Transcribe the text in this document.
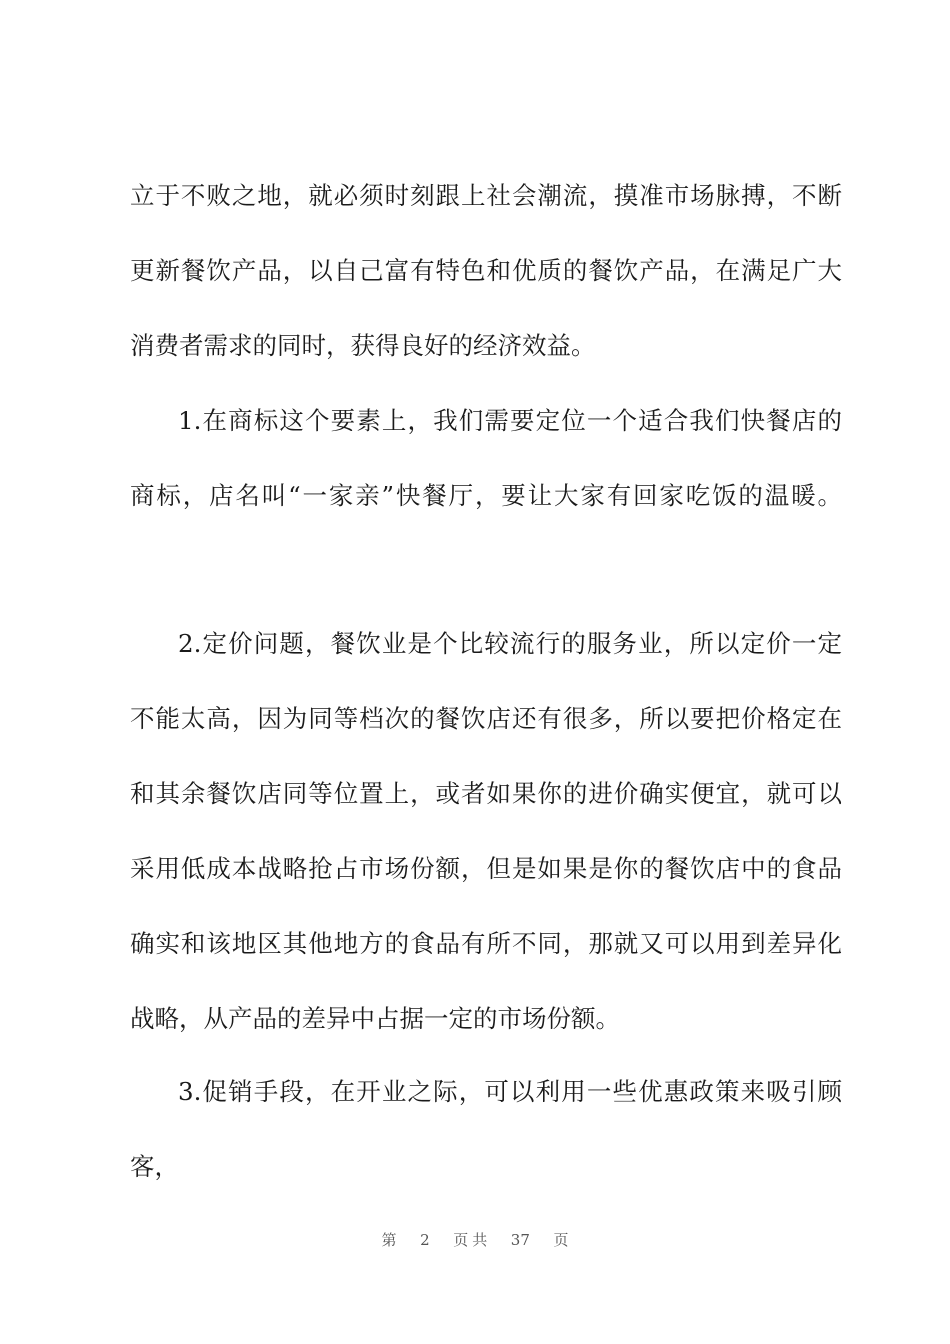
立于不败之地，就必须时刻跟上社会潮流，摸准市场脉搏，不断
更新餐饮产品，以自己富有特色和优质的餐饮产品，在满足广大
消费者需求的同时，获得良好的经济效益。
1.在商标这个要素上，我们需要定位一个适合我们快餐店的
商标，店名叫“一家亲”快餐厅，要让大家有回家吃饭的温暖。
2.定价问题，餐饮业是个比较流行的服务业，所以定价一定
不能太高，因为同等档次的餐饮店还有很多，所以要把价格定在
和其余餐饮店同等位置上，或者如果你的进价确实便宜，就可以
采用低成本战略抢占市场份额，但是如果是你的餐饮店中的食品
确实和该地区其他地方的食品有所不同，那就又可以用到差异化
战略，从产品的差异中占据一定的市场份额。
3.促销手段，在开业之际，可以利用一些优惠政策来吸引顾
客，
第 2 页共 37 页
